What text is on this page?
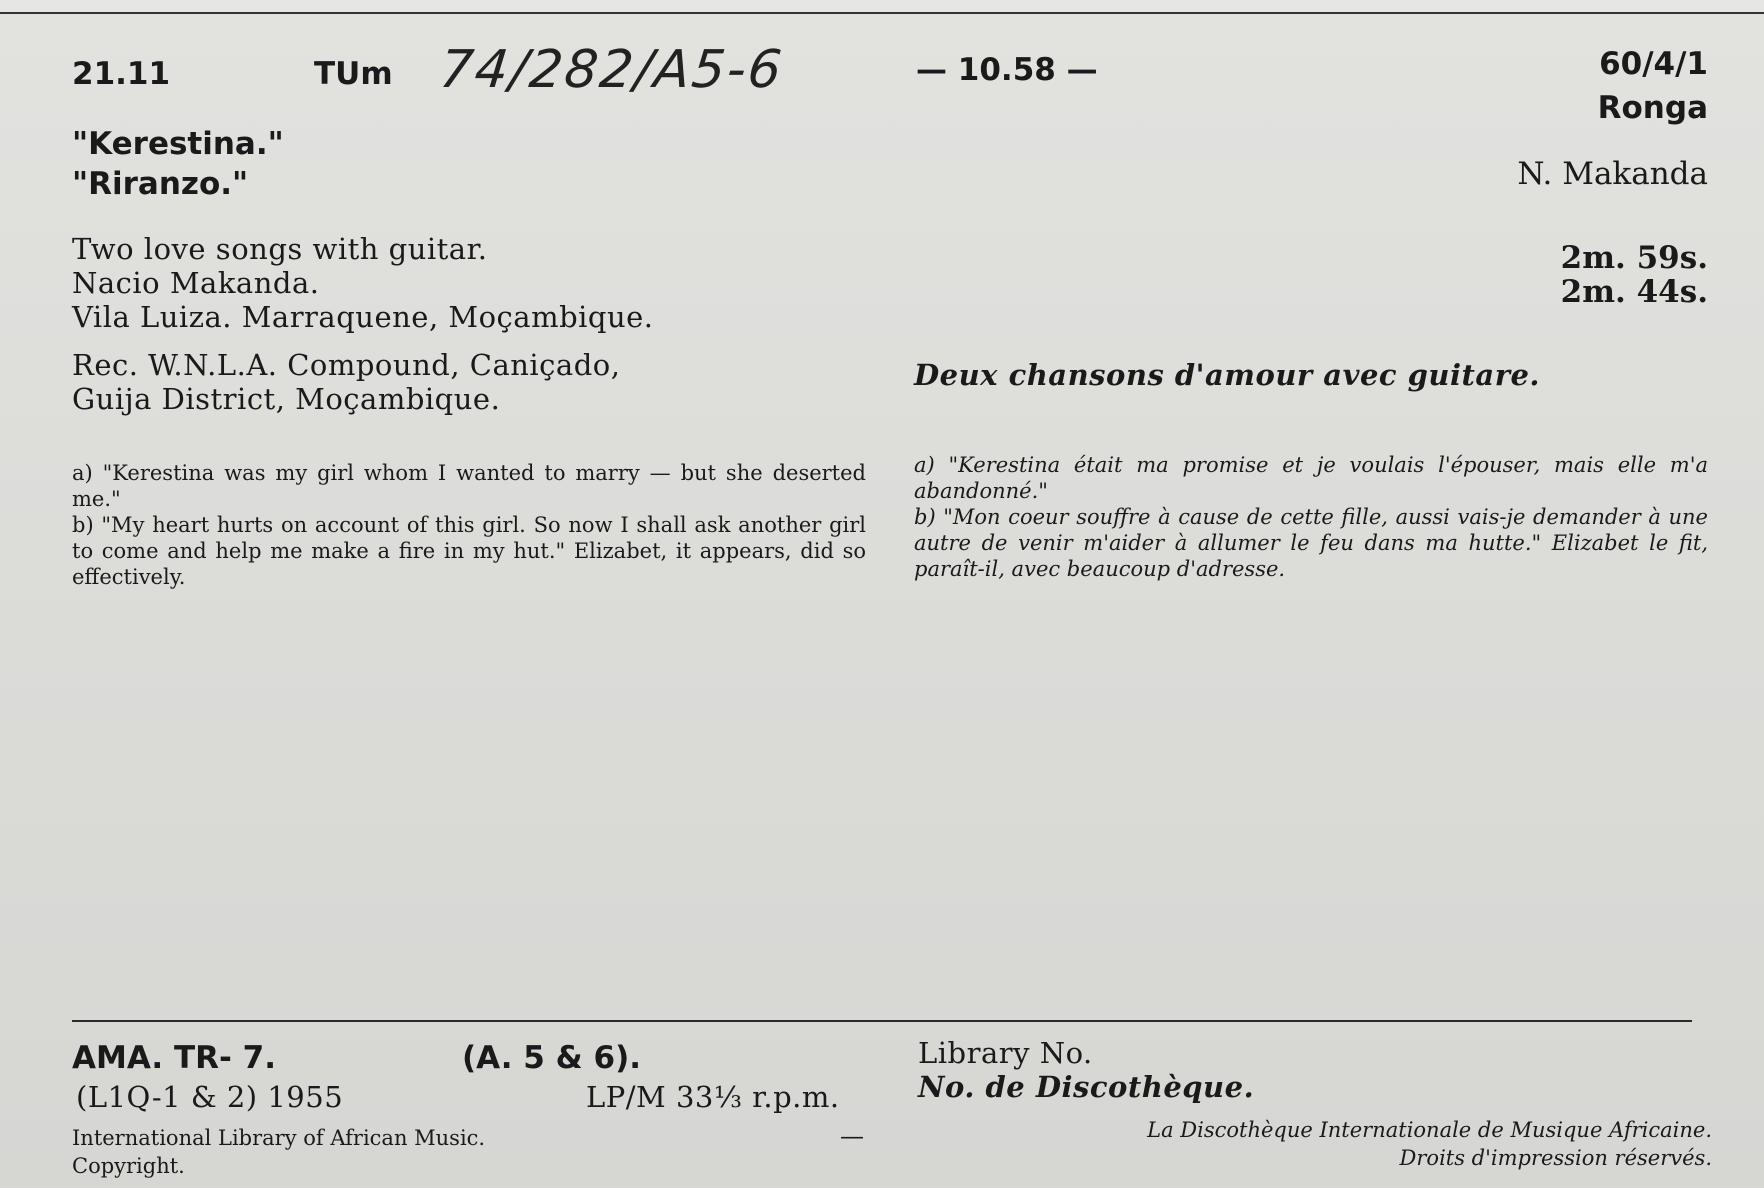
21.11	TUm 74/282/A5-6	— 10.58 —	60/4/1
Ronga
"Kerestina."
"Riranzo."	N. Makanda
Two love songs with guitar.
Nacio Makanda.
Vila Luiza. Marraquene, Moçambique.
Rec. W.N.L.A. Compound, Caniçado,
Guija District, Moçambique.
2m. 59s.
2m. 44s.
Deux chansons d'amour avec guitare.

a) "Kerestina was my girl whom I wanted to marry — but she deserted me."

b) "My heart hurts on account of this girl. So now I shall ask another girl to come and help me make a fire in my hut." Elizabet, it appears, did so effectively.

a) "Kerestina était ma promise et je voulais l'épouser, mais elle m'a abandonné."

b) "Mon coeur souffre à cause de cette fille, aussi vais-je demander à une autre de venir m'aider à allumer le feu dans ma hutte." Elizabet le fit, paraît-il, avec beaucoup d'adresse.

AMA. TR- 7.	(A. 5 & 6).
(L1Q-1 & 2) 1955	LP/M 33⅓ r.p.m.
Library No.
No. de Discothèque.
International Library of African Music.
Copyright.
—	La Discothèque Internationale de Musique Africaine.
Droits d'impression réservés.
